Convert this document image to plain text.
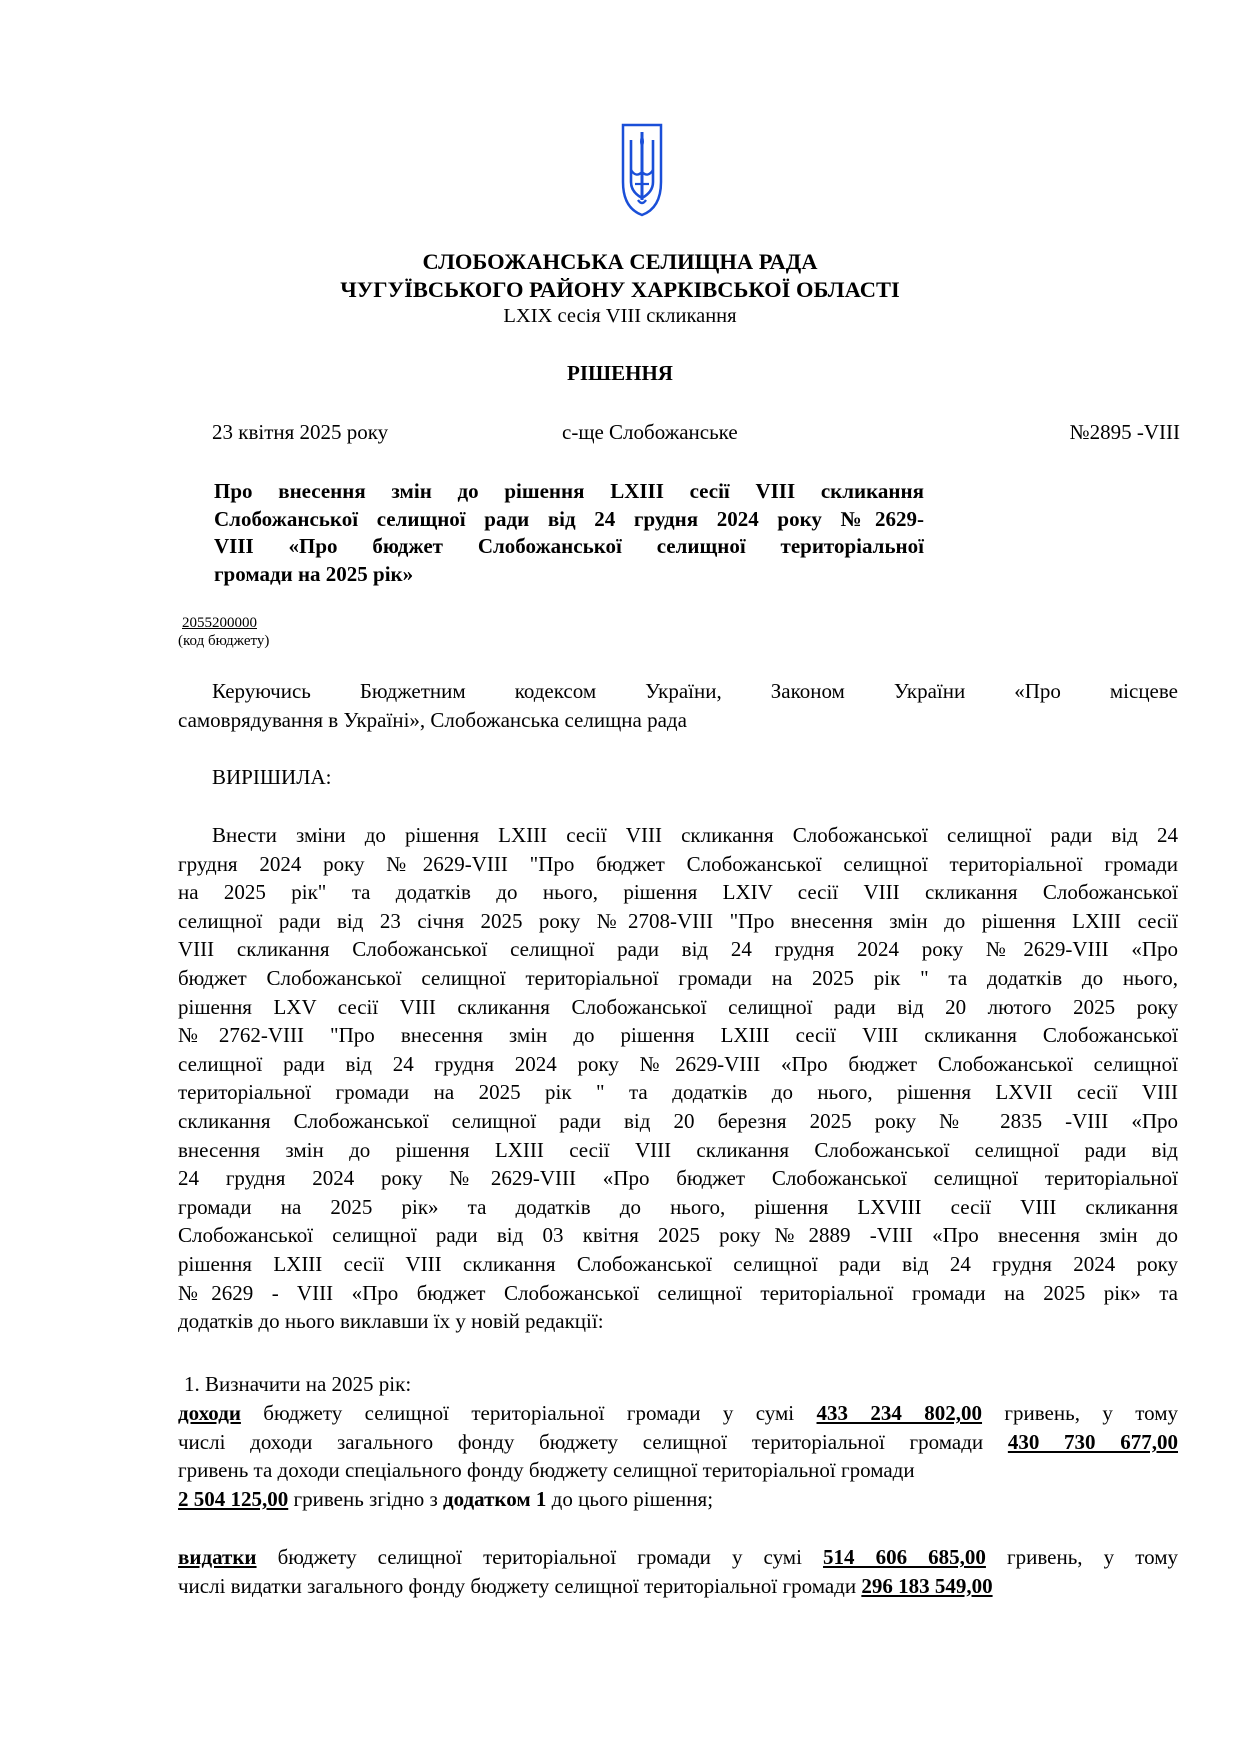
СЛОБОЖАНСЬКА СЕЛИЩНА РАДА
ЧУГУЇВСЬКОГО РАЙОНУ ХАРКІВСЬКОЇ ОБЛАСТІ
LXIX сесія VIII скликання
РІШЕННЯ
23 квітня 2025 року	с-ще Слобожанське	№2895 -VIII
Про внесення змін до рішення LXIII сесії VIII скликання
Слобожанської селищної ради від 24 грудня 2024 року №2629-
VIII «Про бюджет Слобожанської селищної територіальної
громади на 2025 рік»
2055200000
(код бюджету)
Керуючись Бюджетним кодексом України, Законом України «Про місцеве
самоврядування в Україні», Слобожанська селищна рада
ВИРІШИЛА:
Внести зміни до рішення LXIII сесії VIII скликання Слобожанської селищної ради від 24
грудня 2024 року №2629-VIII "Про бюджет Слобожанської селищної територіальної громади
на 2025 рік" та додатків до нього, рішення LXIV сесії VIII скликання Слобожанської
селищної ради від 23 січня 2025 року №2708-VIII "Про внесення змін до рішення LXIII сесії
VIII скликання Слобожанської селищної ради від 24 грудня 2024 року №2629-VIII «Про
бюджет Слобожанської селищної територіальної громади на 2025 рік " та додатків до нього,
рішення LXV сесії VIII скликання Слобожанської селищної ради від 20 лютого 2025 року
№2762-VIII "Про внесення змін до рішення LXIII сесії VIII скликання Слобожанської
селищної ради від 24 грудня 2024 року №2629-VIII «Про бюджет Слобожанської селищної
територіальної громади на 2025 рік " та додатків до нього, рішення LXVII сесії VIII
скликання Слобожанської селищної ради від 20 березня 2025 року № 2835 -VIII «Про
внесення змін до рішення LXIII сесії VIII скликання Слобожанської селищної ради від
24 грудня 2024 року №2629-VIII «Про бюджет Слобожанської селищної територіальної
громади на 2025 рік» та додатків до нього, рішення LXVIII сесії VIII скликання
Слобожанської селищної ради від 03 квітня 2025 року№2889 -VIII «Про внесення змін до
рішення LXIII сесії VIII скликання Слобожанської селищної ради від 24 грудня 2024 року
№2629 - VIII «Про бюджет Слобожанської селищної територіальної громади на 2025 рік» та
додатків до нього виклавши їх у новій редакції:
1. Визначити на 2025 рік:
доходи бюджету селищної територіальної громади у сумі 433 234 802,00 гривень, у тому
числі доходи загального фонду бюджету селищної територіальної громади 430 730 677,00
гривень та доходи спеціального фонду бюджету селищної територіальної громади
2 504 125,00 гривень згідно з додатком 1 до цього рішення;
видатки бюджету селищної територіальної громади у сумі 514 606 685,00 гривень, у тому
числі видатки загального фонду бюджету селищної територіальної громади 296 183 549,00
